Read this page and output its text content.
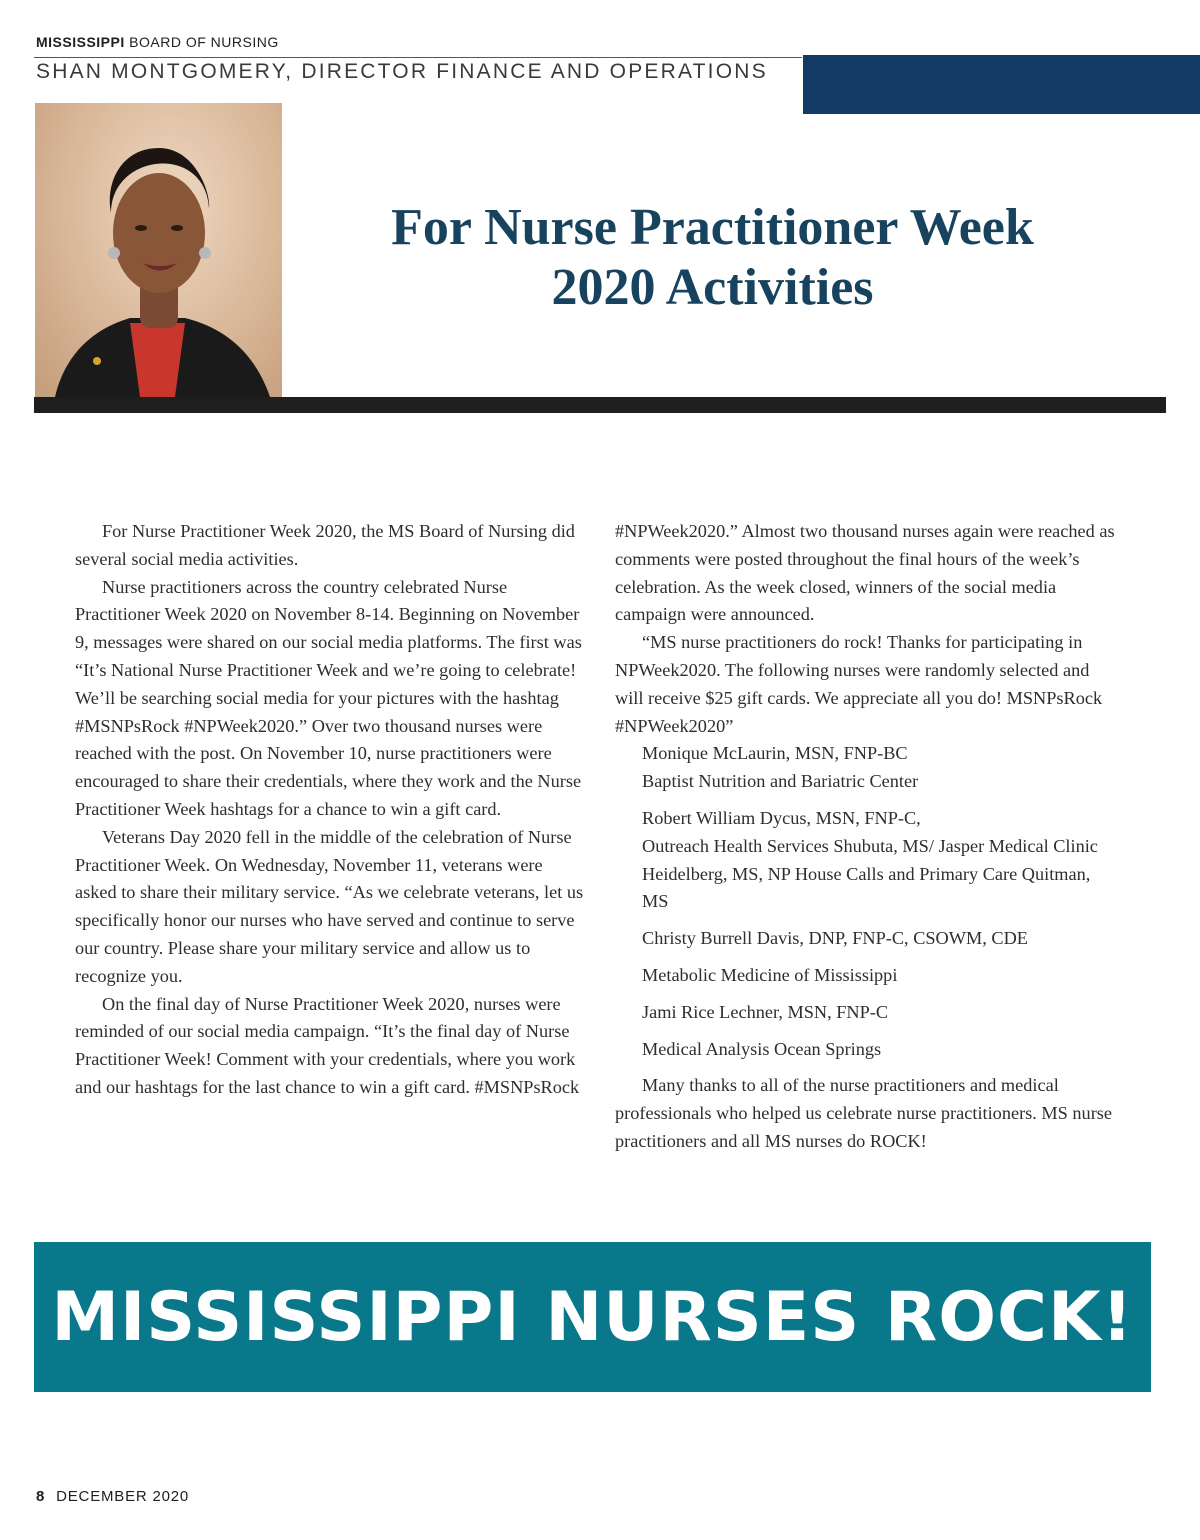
MISSISSIPPI BOARD OF NURSING
SHAN MONTGOMERY, DIRECTOR FINANCE AND OPERATIONS
For Nurse Practitioner Week
2020 Activities

For Nurse Practitioner Week 2020, the MS Board of Nursing did several social media activities.

Nurse practitioners across the country celebrated Nurse Practitioner Week 2020 on November 8-14. Beginning on November 9, messages were shared on our social media platforms. The first was “It’s National Nurse Practitioner Week and we’re going to celebrate! We’ll be searching social media for your pictures with the hashtag #MSNPsRock #NPWeek2020.” Over two thousand nurses were reached with the post. On November 10, nurse practitioners were encouraged to share their credentials, where they work and the Nurse Practitioner Week hashtags for a chance to win a gift card.

Veterans Day 2020 fell in the middle of the celebration of Nurse Practitioner Week. On Wednesday, November 11, veterans were asked to share their military service. “As we celebrate veterans, let us specifically honor our nurses who have served and continue to serve our country. Please share your military service and allow us to recognize you.

On the final day of Nurse Practitioner Week 2020, nurses were reminded of our social media campaign. “It’s the final day of Nurse Practitioner Week! Comment with your credentials, where you work and our hashtags for the last chance to win a gift card. #MSNPsRock

#NPWeek2020.” Almost two thousand nurses again were reached as comments were posted throughout the final hours of the week’s celebration. As the week closed, winners of the social media campaign were announced.

“MS nurse practitioners do rock! Thanks for participating in NPWeek2020. The following nurses were randomly selected and will receive $25 gift cards. We appreciate all you do! MSNPsRock #NPWeek2020”

Monique McLaurin, MSN, FNP-BC

Baptist Nutrition and Bariatric Center

Robert William Dycus, MSN, FNP-C,

Outreach Health Services Shubuta, MS/ Jasper Medical Clinic Heidelberg, MS, NP House Calls and Primary Care Quitman, MS

Christy Burrell Davis, DNP, FNP-C, CSOWM, CDE

Metabolic Medicine of Mississippi

Jami Rice Lechner, MSN, FNP-C

Medical Analysis Ocean Springs

Many thanks to all of the nurse practitioners and medical professionals who helped us celebrate nurse practitioners. MS nurse practitioners and all MS nurses do ROCK!

MISSISSIPPI NURSES ROCK!
8 DECEMBER 2020
